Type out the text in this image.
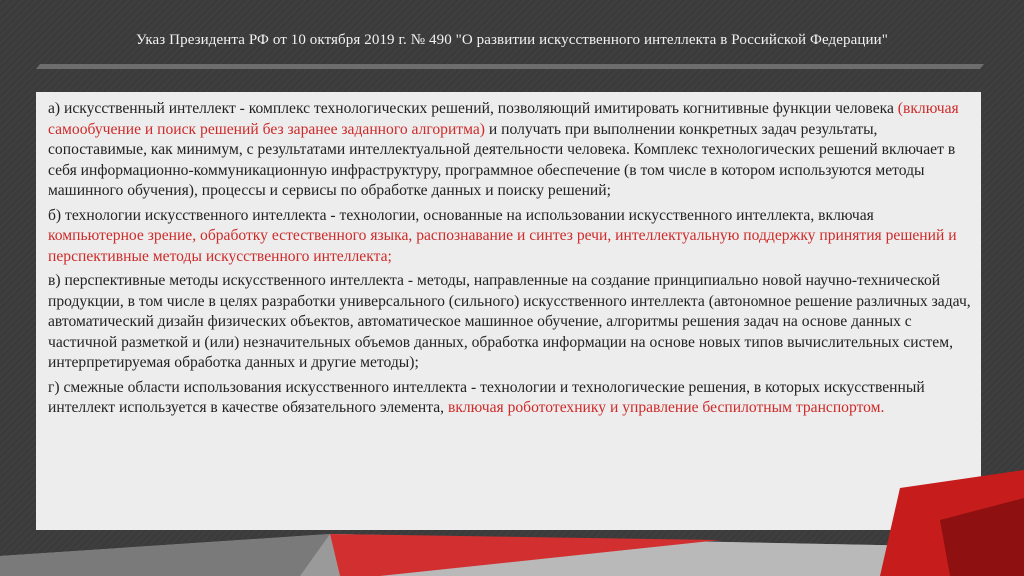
Указ Президента РФ от 10 октября 2019 г. № 490 "О развитии искусственного интеллекта в Российской Федерации"

а) искусственный интеллект - комплекс технологических решений, позволяющий имитировать когнитивные функции человека (включая самообучение и поиск решений без заранее заданного алгоритма) и получать при выполнении конкретных задач результаты, сопоставимые, как минимум, с результатами интеллектуальной деятельности человека. Комплекс технологических решений включает в себя информационно-коммуникационную инфраструктуру, программное обеспечение (в том числе в котором используются методы машинного обучения), процессы и сервисы по обработке данных и поиску решений;

б) технологии искусственного интеллекта - технологии, основанные на использовании искусственного интеллекта, включая компьютерное зрение, обработку естественного языка, распознавание и синтез речи, интеллектуальную поддержку принятия решений и перспективные методы искусственного интеллекта;

в) перспективные методы искусственного интеллекта - методы, направленные на создание принципиально новой научно-технической продукции, в том числе в целях разработки универсального (сильного) искусственного интеллекта (автономное решение различных задач, автоматический дизайн физических объектов, автоматическое машинное обучение, алгоритмы решения задач на основе данных с частичной разметкой и (или) незначительных объемов данных, обработка информации на основе новых типов вычислительных систем, интерпретируемая обработка данных и другие методы);

г) смежные области использования искусственного интеллекта - технологии и технологические решения, в которых искусственный интеллект используется в качестве обязательного элемента, включая робототехнику и управление беспилотным транспортом.
